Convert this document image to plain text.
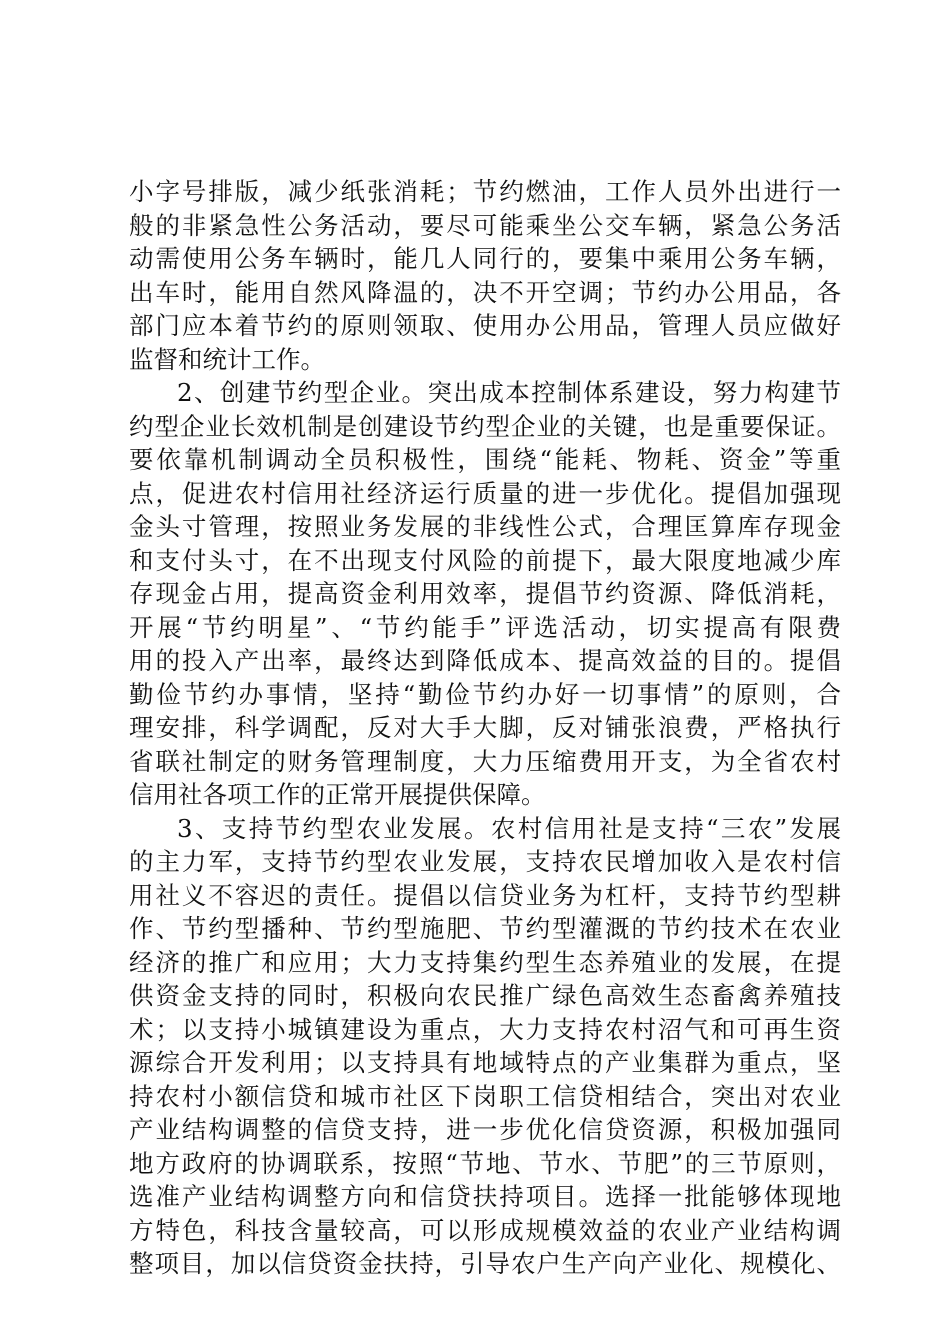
小字号排版，减少纸张消耗；节约燃油，工作人员外出进行一
般的非紧急性公务活动，要尽可能乘坐公交车辆，紧急公务活
动需使用公务车辆时，能几人同行的，要集中乘用公务车辆，
出车时，能用自然风降温的，决不开空调；节约办公用品，各
部门应本着节约的原则领取、使用办公用品，管理人员应做好
监督和统计工作。
2、创建节约型企业。突出成本控制体系建设，努力构建节
约型企业长效机制是创建设节约型企业的关键，也是重要保证。
要依靠机制调动全员积极性，围绕“能耗、物耗、资金”等重
点，促进农村信用社经济运行质量的进一步优化。提倡加强现
金头寸管理，按照业务发展的非线性公式，合理匡算库存现金
和支付头寸，在不出现支付风险的前提下，最大限度地减少库
存现金占用，提高资金利用效率，提倡节约资源、降低消耗，
开展“节约明星”、“节约能手”评选活动，切实提高有限费
用的投入产出率，最终达到降低成本、提高效益的目的。提倡
勤俭节约办事情，坚持“勤俭节约办好一切事情”的原则，合
理安排，科学调配，反对大手大脚，反对铺张浪费，严格执行
省联社制定的财务管理制度，大力压缩费用开支，为全省农村
信用社各项工作的正常开展提供保障。
3、支持节约型农业发展。农村信用社是支持“三农”发展
的主力军，支持节约型农业发展，支持农民增加收入是农村信
用社义不容迟的责任。提倡以信贷业务为杠杆，支持节约型耕
作、节约型播种、节约型施肥、节约型灌溉的节约技术在农业
经济的推广和应用；大力支持集约型生态养殖业的发展，在提
供资金支持的同时，积极向农民推广绿色高效生态畜禽养殖技
术；以支持小城镇建设为重点，大力支持农村沼气和可再生资
源综合开发利用；以支持具有地域特点的产业集群为重点，坚
持农村小额信贷和城市社区下岗职工信贷相结合，突出对农业
产业结构调整的信贷支持，进一步优化信贷资源，积极加强同
地方政府的协调联系，按照“节地、节水、节肥”的三节原则，
选准产业结构调整方向和信贷扶持项目。选择一批能够体现地
方特色，科技含量较高，可以形成规模效益的农业产业结构调
整项目，加以信贷资金扶持，引导农户生产向产业化、规模化、
